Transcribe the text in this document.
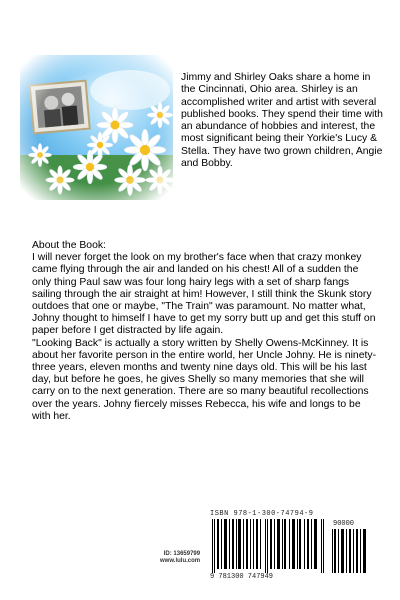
Jimmy and Shirley Oaks share a home in the Cincinnati, Ohio area. Shirley is an accomplished writer and artist with several published books. They spend their time with an abundance of hobbies and interest, the most significant being their Yorkie's Lucy & Stella. They have two grown children, Angie and Bobby.

About the Book:

I will never forget the look on my brother's face when that crazy monkey came flying through the air and landed on his chest! All of a sudden the only thing Paul saw was four long hairy legs with a set of sharp fangs sailing through the air straight at him! However, I still think the Skunk story outdoes that one or maybe, "The Train" was paramount. No matter what, Johny thought to himself I have to get my sorry butt up and get this stuff on paper before I get distracted by life again.

"Looking Back" is actually a story written by Shelly Owens-McKinney. It is about her favorite person in the entire world, her Uncle Johny. He is ninety-three years, eleven months and twenty nine days old. This will be his last day, but before he goes, he gives Shelly so many memories that she will carry on to the next generation. There are so many beautiful recollections over the years. Johny fiercely misses Rebecca, his wife and longs to be with her.

ID: 13659799
www.lulu.com
ISBN 978-1-300-74794-9
90000
9 781300 747949
